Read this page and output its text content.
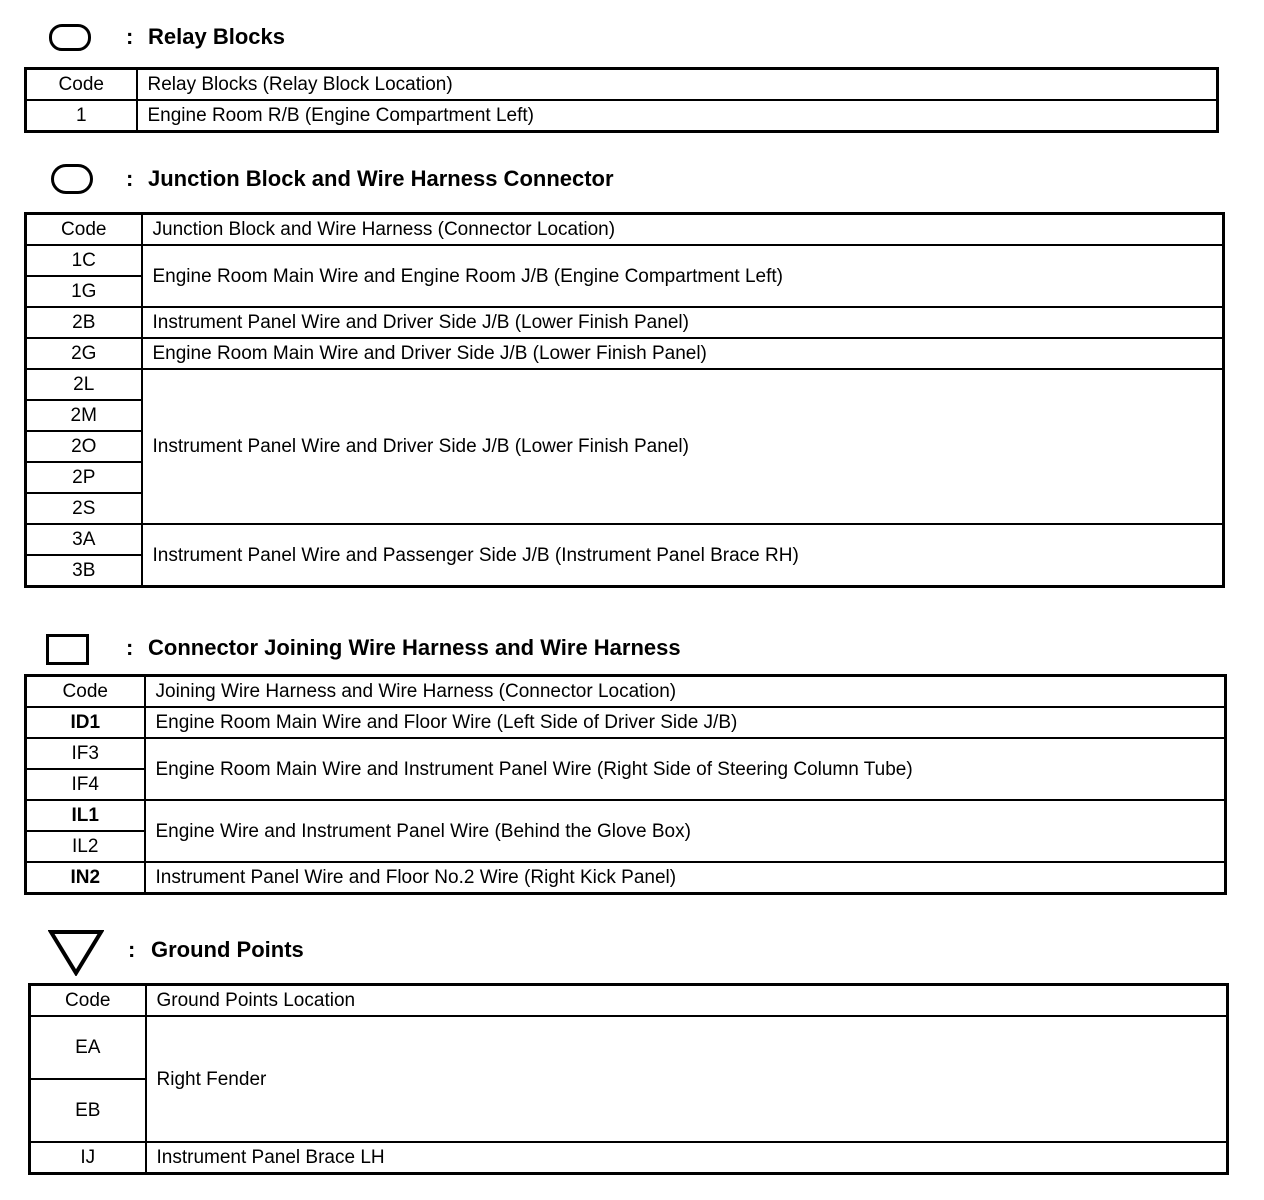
: Relay Blocks
Code	Relay Blocks (Relay Block Location)
1	Engine Room R/B (Engine Compartment Left)
: Junction Block and Wire Harness Connector
Code	Junction Block and Wire Harness (Connector Location)
1C	Engine Room Main Wire and Engine Room J/B (Engine Compartment Left)
1G	
2B	Instrument Panel Wire and Driver Side J/B (Lower Finish Panel)
2G	Engine Room Main Wire and Driver Side J/B (Lower Finish Panel)
2L	Instrument Panel Wire and Driver Side J/B (Lower Finish Panel)
2M	
2O	
2P	
2S	
3A	Instrument Panel Wire and Passenger Side J/B (Instrument Panel Brace RH)
3B	
: Connector Joining Wire Harness and Wire Harness
Code	Joining Wire Harness and Wire Harness (Connector Location)
ID1	Engine Room Main Wire and Floor Wire (Left Side of Driver Side J/B)
IF3	Engine Room Main Wire and Instrument Panel Wire (Right Side of Steering Column Tube)
IF4	
IL1	Engine Wire and Instrument Panel Wire (Behind the Glove Box)
IL2	
IN2	Instrument Panel Wire and Floor No.2 Wire (Right Kick Panel)
: Ground Points
Code	Ground Points Location
EA	Right Fender
EB	
IJ	Instrument Panel Brace LH
